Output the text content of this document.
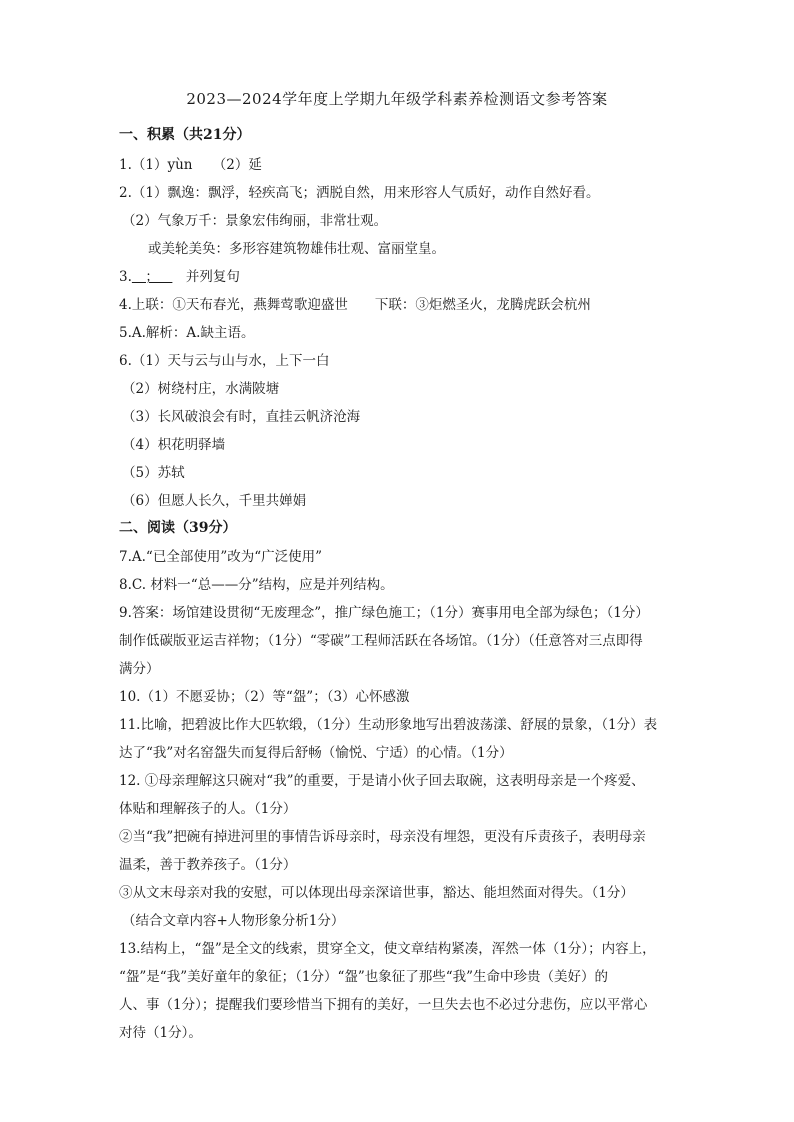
2023—2024学年度上学期九年级学科素养检测语文参考答案
一、积累（共21分）
1.（1）yùn　　（2）延
2.（1）飘逸：飘浮，轻疾高飞；洒脱自然，用来形容人气质好，动作自然好看。
（2）气象万千：景象宏伟绚丽，非常壮观。
或美轮美奂：多形容建筑物雄伟壮观、富丽堂皇。
3. ； 　并列复句
4.上联：①天布春光，燕舞莺歌迎盛世　　下联：③炬燃圣火，龙腾虎跃会杭州
5.A.解析：A.缺主语。
6.（1）天与云与山与水，上下一白
（2）树绕村庄，水满陂塘
（3）长风破浪会有时，直挂云帆济沧海
（4）枳花明驿墙
（5）苏轼
（6）但愿人长久，千里共婵娟
二、阅读（39分）
7.A.“已全部使用”改为“广泛使用”
8.C. 材料一“总——分”结构，应是并列结构。
9.答案：场馆建设贯彻“无废理念”，推广绿色施工；（1分）赛事用电全部为绿色；（1分）
制作低碳版亚运吉祥物；（1分）“零碳”工程师活跃在各场馆。（1分）（任意答对三点即得
满分）
10.（1）不愿妥协；（2）等“盌”；（3）心怀感激
11.比喻，把碧波比作大匹软缎，（1分）生动形象地写出碧波荡漾、舒展的景象，（1分）表
达了“我”对名窑盌失而复得后舒畅（愉悦、宁适）的心情。（1分）
12. ①母亲理解这只碗对“我”的重要，于是请小伙子回去取碗，这表明母亲是一个疼爱、
体贴和理解孩子的人。（1分）
②当“我”把碗有掉进河里的事情告诉母亲时，母亲没有埋怨，更没有斥责孩子，表明母亲
温柔，善于教养孩子。（1分）
③从文末母亲对我的安慰，可以体现出母亲深谙世事，豁达、能坦然面对得失。（1分）
（结合文章内容+人物形象分析1分）
13.结构上，“盌”是全文的线索，贯穿全文，使文章结构紧凑，浑然一体（1分）；内容上，
“盌”是“我”美好童年的象征；（1分）“盌”也象征了那些“我”生命中珍贵（美好）的
人、事（1分）；提醒我们要珍惜当下拥有的美好，一旦失去也不必过分悲伤，应以平常心
对待（1分）。
